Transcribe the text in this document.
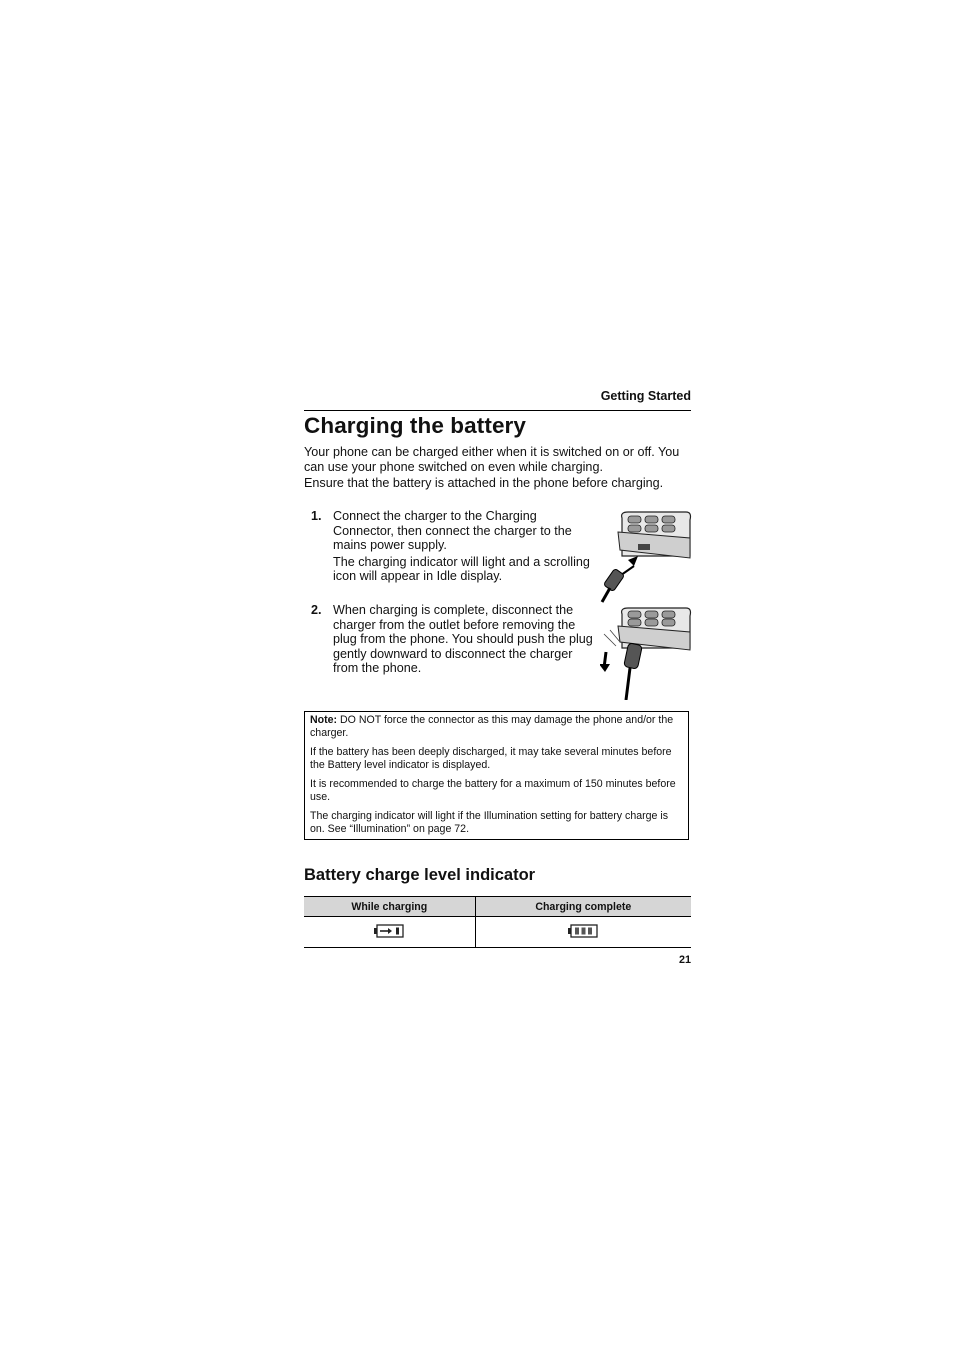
Getting Started
Charging the battery

Your phone can be charged either when it is switched on or off. You can use your phone switched on even while charging.

Ensure that the battery is attached in the phone before charging.

1. Connect the charger to the Charging Connector, then connect the charger to the mains power supply.

The charging indicator will light and a scrolling icon will appear in Idle display.

2. When charging is complete, disconnect the charger from the outlet before removing the plug from the phone. You should push the plug gently downward to disconnect the charger from the phone.

Note: DO NOT force the connector as this may damage the phone and/or the charger.

If the battery has been deeply discharged, it may take several minutes before the Battery level indicator is displayed.

It is recommended to charge the battery for a maximum of 150 minutes before use.

The charging indicator will light if the Illumination setting for battery charge is on. See “Illumination” on page 72.

Battery charge level indicator
While charging	Charging complete

21
